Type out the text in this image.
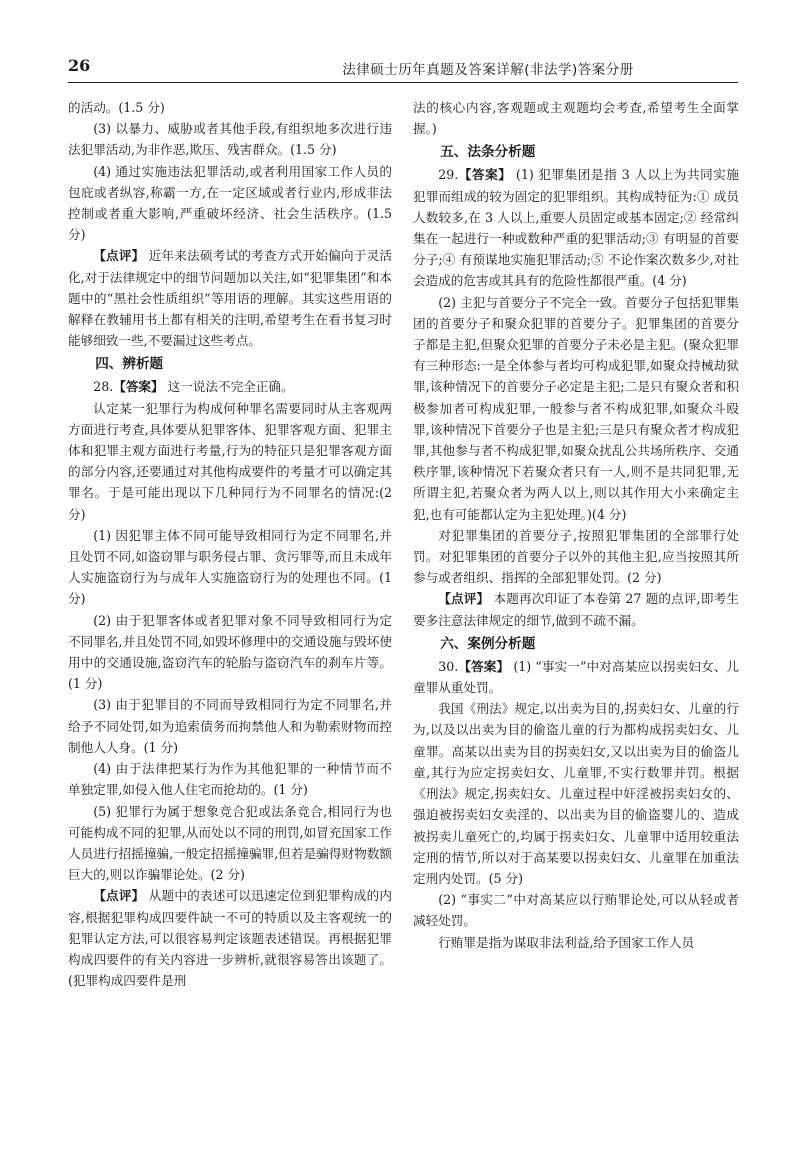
26	法律硕士历年真题及答案详解(非法学)答案分册

的活动。(1.5 分)

(3) 以暴力、威胁或者其他手段,有组织地多次进行违法犯罪活动,为非作恶,欺压、残害群众。(1.5 分)

(4) 通过实施违法犯罪活动,或者利用国家工作人员的包庇或者纵容,称霸一方,在一定区域或者行业内,形成非法控制或者重大影响,严重破坏经济、社会生活秩序。(1.5 分)

【点评】 近年来法硕考试的考查方式开始偏向于灵活化,对于法律规定中的细节问题加以关注,如“犯罪集团”和本题中的“黑社会性质组织”等用语的理解。其实这些用语的解释在教辅用书上都有相关的注明,希望考生在看书复习时能够细致一些,不要漏过这些考点。

四、辨析题

28.【答案】 这一说法不完全正确。

认定某一犯罪行为构成何种罪名需要同时从主客观两方面进行考查,具体要从犯罪客体、犯罪客观方面、犯罪主体和犯罪主观方面进行考量,行为的特征只是犯罪客观方面的部分内容,还要通过对其他构成要件的考量才可以确定其罪名。于是可能出现以下几种同行为不同罪名的情况:(2 分)

(1) 因犯罪主体不同可能导致相同行为定不同罪名,并且处罚不同,如盗窃罪与职务侵占罪、贪污罪等,而且未成年人实施盗窃行为与成年人实施盗窃行为的处理也不同。(1 分)

(2) 由于犯罪客体或者犯罪对象不同导致相同行为定不同罪名,并且处罚不同,如毁坏修理中的交通设施与毁坏使用中的交通设施,盗窃汽车的轮胎与盗窃汽车的刹车片等。(1 分)

(3) 由于犯罪目的不同而导致相同行为定不同罪名,并给予不同处罚,如为追索债务而拘禁他人和为勒索财物而控制他人人身。(1 分)

(4) 由于法律把某行为作为其他犯罪的一种情节而不单独定罪,如侵入他人住宅而抢劫的。(1 分)

(5) 犯罪行为属于想象竞合犯或法条竞合,相同行为也可能构成不同的犯罪,从而处以不同的刑罚,如冒充国家工作人员进行招摇撞骗,一般定招摇撞骗罪,但若是骗得财物数额巨大的,则以诈骗罪论处。(2 分)

【点评】 从题中的表述可以迅速定位到犯罪构成的内容,根据犯罪构成四要件缺一不可的特质以及主客观统一的犯罪认定方法,可以很容易判定该题表述错误。再根据犯罪构成四要件的有关内容进一步辨析,就很容易答出该题了。(犯罪构成四要件是刑

法的核心内容,客观题或主观题均会考查,希望考生全面掌握。)

五、法条分析题

29.【答案】 (1) 犯罪集团是指 3 人以上为共同实施犯罪而组成的较为固定的犯罪组织。其构成特征为:① 成员人数较多,在 3 人以上,重要人员固定或基本固定;② 经常纠集在一起进行一种或数种严重的犯罪活动;③ 有明显的首要分子;④ 有预谋地实施犯罪活动;⑤ 不论作案次数多少,对社会造成的危害或其具有的危险性都很严重。(4 分)

(2) 主犯与首要分子不完全一致。首要分子包括犯罪集团的首要分子和聚众犯罪的首要分子。犯罪集团的首要分子都是主犯,但聚众犯罪的首要分子未必是主犯。(聚众犯罪有三种形态:一是全体参与者均可构成犯罪,如聚众持械劫狱罪,该种情况下的首要分子必定是主犯;二是只有聚众者和积极参加者可构成犯罪,一般参与者不构成犯罪,如聚众斗殴罪,该种情况下首要分子也是主犯;三是只有聚众者才构成犯罪,其他参与者不构成犯罪,如聚众扰乱公共场所秩序、交通秩序罪,该种情况下若聚众者只有一人,则不是共同犯罪,无所谓主犯,若聚众者为两人以上,则以其作用大小来确定主犯,也有可能都认定为主犯处理。)(4 分)

对犯罪集团的首要分子,按照犯罪集团的全部罪行处罚。对犯罪集团的首要分子以外的其他主犯,应当按照其所参与或者组织、指挥的全部犯罪处罚。(2 分)

【点评】 本题再次印证了本卷第 27 题的点评,即考生要多注意法律规定的细节,做到不疏不漏。

六、案例分析题

30.【答案】 (1) “事实一”中对高某应以拐卖妇女、儿童罪从重处罚。

我国《刑法》规定,以出卖为目的,拐卖妇女、儿童的行为,以及以出卖为目的偷盗儿童的行为都构成拐卖妇女、儿童罪。高某以出卖为目的拐卖妇女,又以出卖为目的偷盗儿童,其行为应定拐卖妇女、儿童罪,不实行数罪并罚。根据《刑法》规定,拐卖妇女、儿童过程中奸淫被拐卖妇女的、强迫被拐卖妇女卖淫的、以出卖为目的偷盗婴儿的、造成被拐卖儿童死亡的,均属于拐卖妇女、儿童罪中适用较重法定刑的情节,所以对于高某要以拐卖妇女、儿童罪在加重法定刑内处罚。(5 分)

(2) “事实二”中对高某应以行贿罪论处,可以从轻或者减轻处罚。

行贿罪是指为谋取非法利益,给予国家工作人员
